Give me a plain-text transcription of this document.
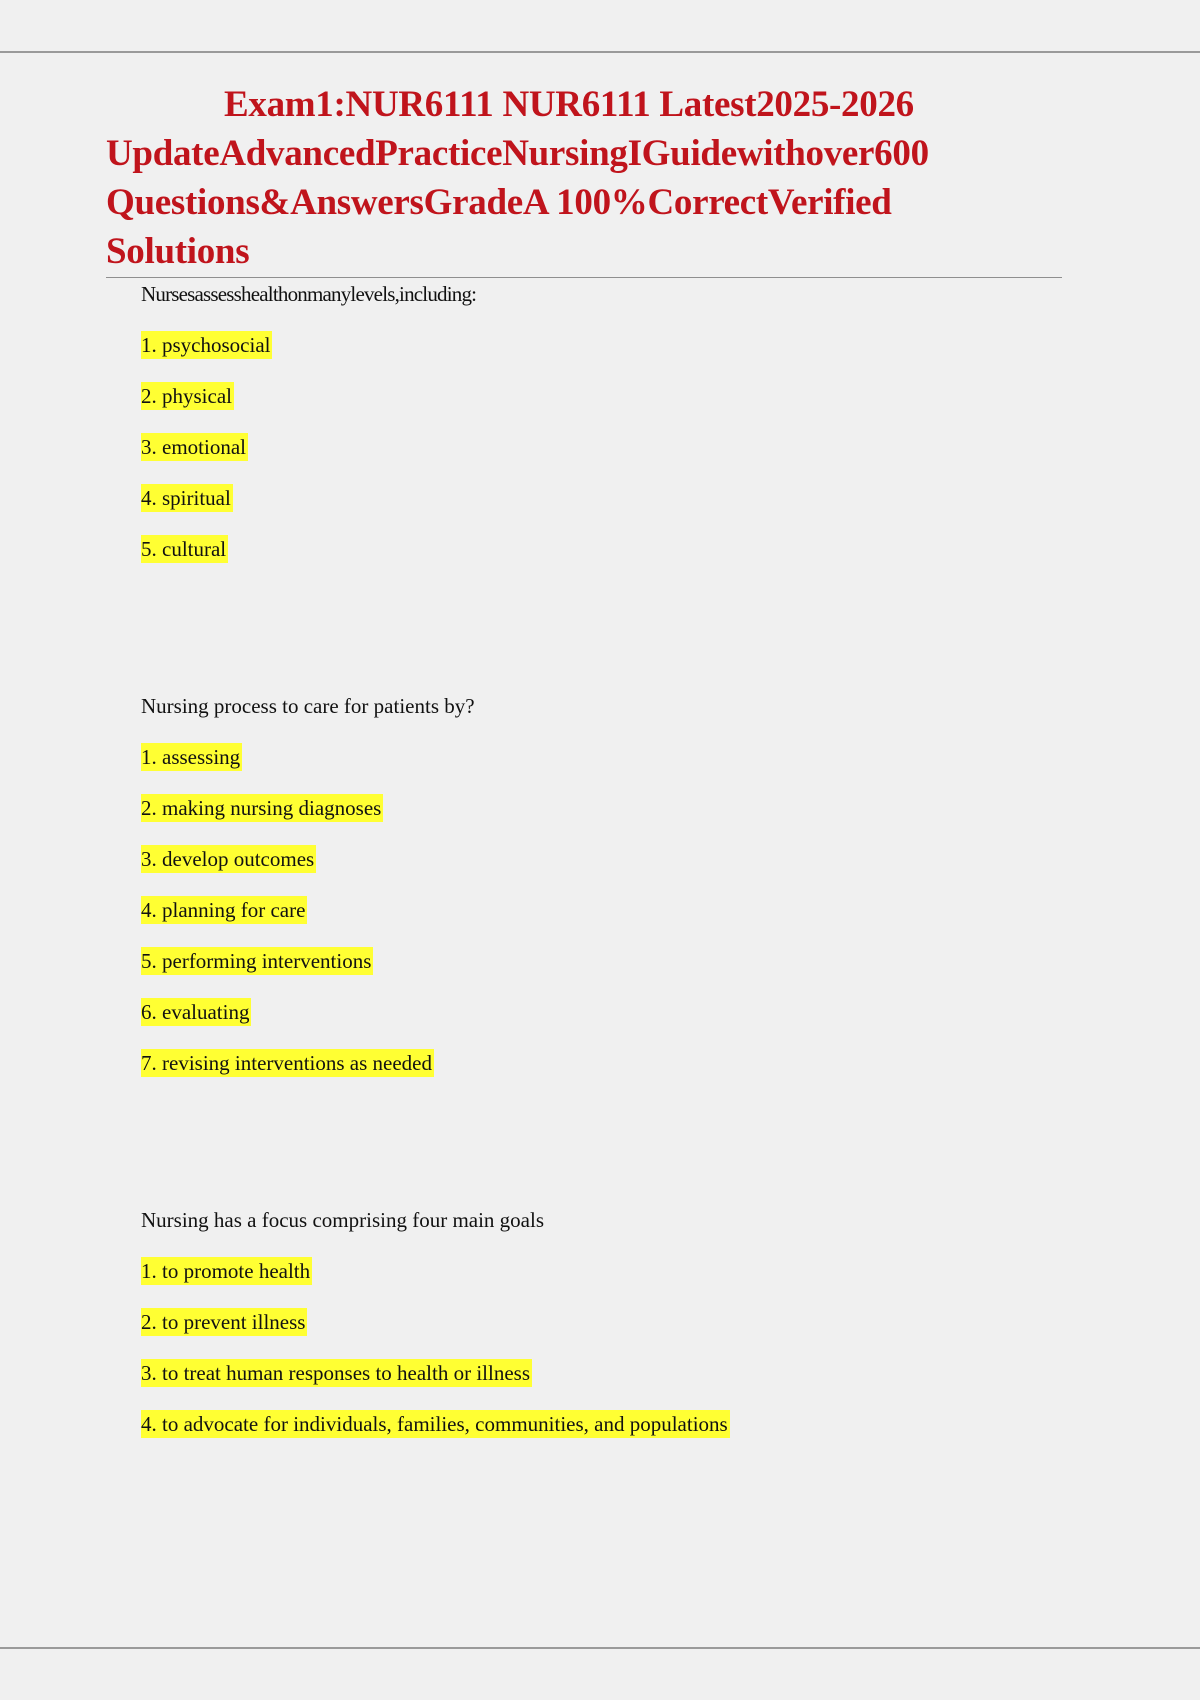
Exam1:NUR6111 NUR6111 Latest2025-2026
UpdateAdvancedPracticeNursingIGuidewithover600
Questions&AnswersGradeA 100%CorrectVerified
Solutions

Nursesassesshealthonmanylevels,including:

1. psychosocial
2. physical
3. emotional
4. spiritual
5. cultural

Nursing process to care for patients by?

1. assessing
2. making nursing diagnoses
3. develop outcomes
4. planning for care
5. performing interventions
6. evaluating
7. revising interventions as needed

Nursing has a focus comprising four main goals

1. to promote health
2. to prevent illness
3. to treat human responses to health or illness
4. to advocate for individuals, families, communities, and populations
